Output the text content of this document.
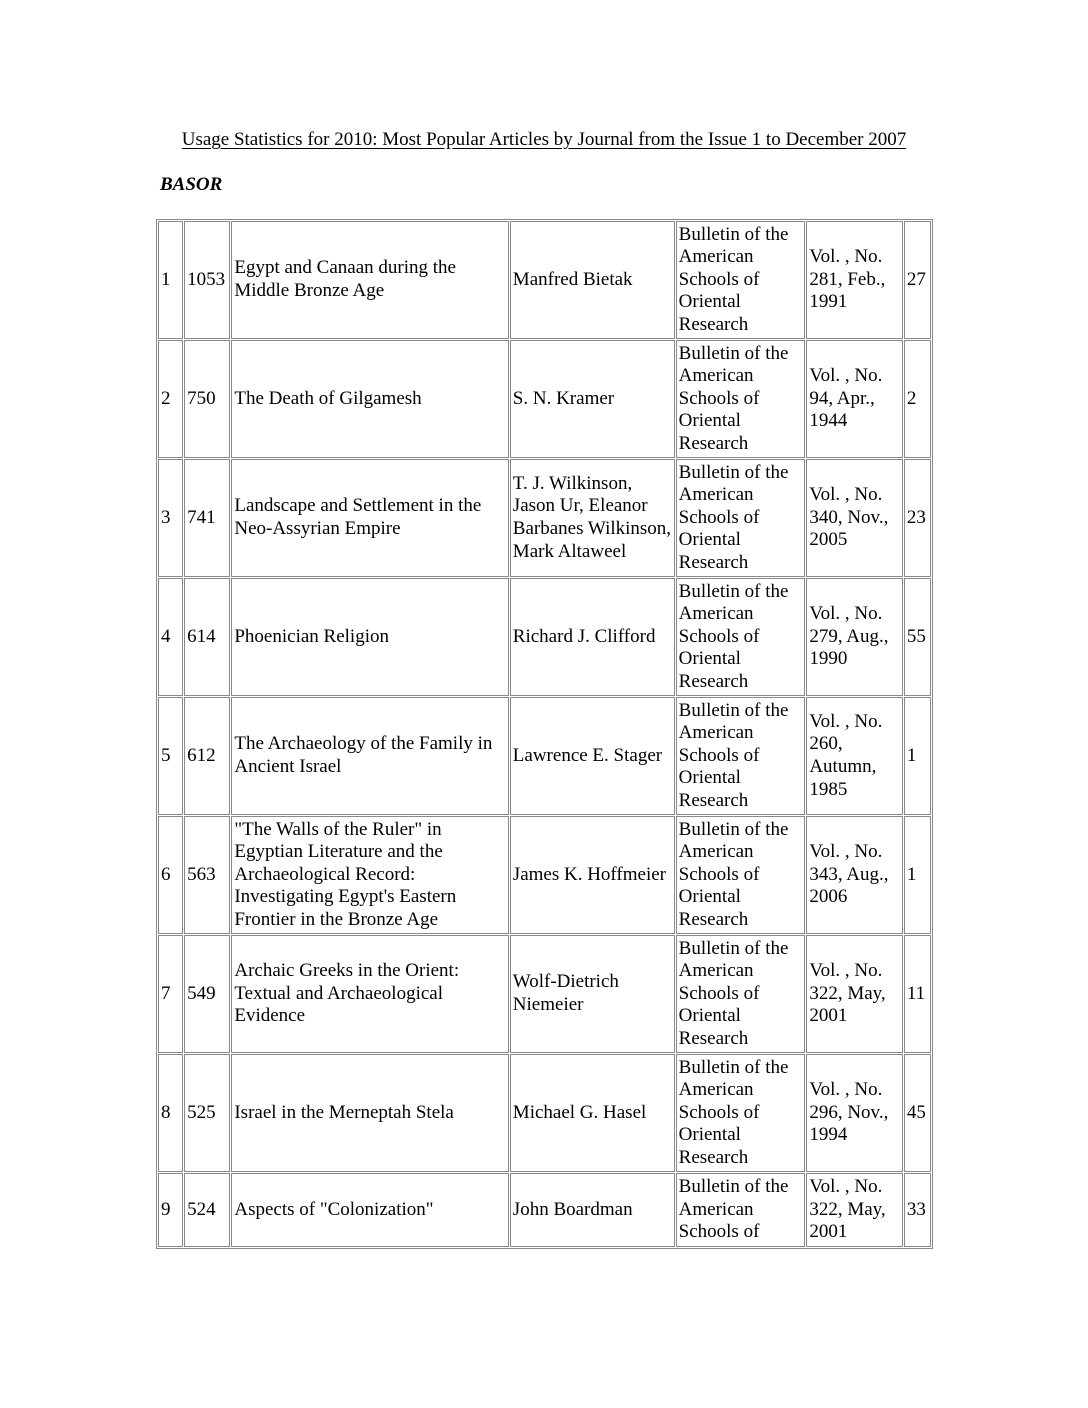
Usage Statistics for 2010: Most Popular Articles by Journal from the Issue 1 to December 2007
BASOR
1	1053	Egypt and Canaan during the Middle Bronze Age	Manfred Bietak	Bulletin of the American Schools of Oriental Research	Vol. , No. 281, Feb., 1991	27
2	750	The Death of Gilgamesh	S. N. Kramer	Bulletin of the American Schools of Oriental Research	Vol. , No. 94, Apr., 1944	2
3	741	Landscape and Settlement in the Neo-Assyrian Empire	T. J. Wilkinson, Jason Ur, Eleanor Barbanes Wilkinson, Mark Altaweel	Bulletin of the American Schools of Oriental Research	Vol. , No. 340, Nov., 2005	23
4	614	Phoenician Religion	Richard J. Clifford	Bulletin of the American Schools of Oriental Research	Vol. , No. 279, Aug., 1990	55
5	612	The Archaeology of the Family in Ancient Israel	Lawrence E. Stager	Bulletin of the American Schools of Oriental Research	Vol. , No. 260, Autumn, 1985	1
6	563	"The Walls of the Ruler" in Egyptian Literature and the Archaeological Record: Investigating Egypt's Eastern Frontier in the Bronze Age	James K. Hoffmeier	Bulletin of the American Schools of Oriental Research	Vol. , No. 343, Aug., 2006	1
7	549	Archaic Greeks in the Orient: Textual and Archaeological Evidence	Wolf-Dietrich Niemeier	Bulletin of the American Schools of Oriental Research	Vol. , No. 322, May, 2001	11
8	525	Israel in the Merneptah Stela	Michael G. Hasel	Bulletin of the American Schools of Oriental Research	Vol. , No. 296, Nov., 1994	45
9	524	Aspects of "Colonization"	John Boardman	Bulletin of the American Schools of	Vol. , No. 322, May, 2001	33
